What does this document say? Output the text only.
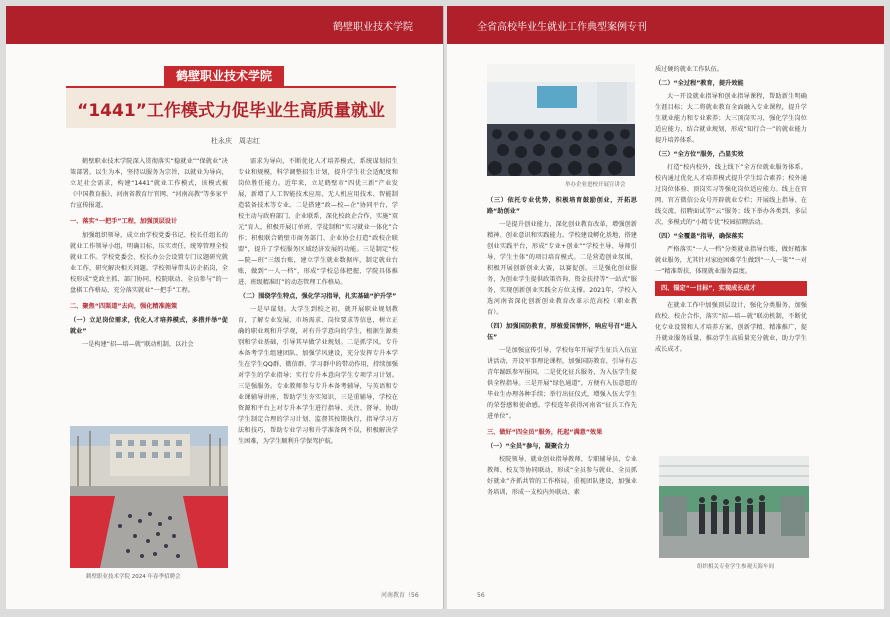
鹤壁职业技术学院
鹤壁职业技术学院
“1441”工作模式力促毕业生高质量就业
杜永庆　周志红

鹤壁职业技术学院深入贯彻落实“稳就业”“保就业”决策部署，以生为本，坚持以服务为宗旨，以就业为导向，立足社会需求，构建“1441”就业工作模式，该模式被《中国教育报》、河南省教育厅官网、“河南高教”等多家平台宣传报道。

一、落实“一把手”工程，加强顶层设计

加强组织领导，成立由学校党委书记、校长任组长的就业工作领导小组，明确目标，压实责任，统筹管理全校就业工作。学校党委会、校长办公会设置专门议题研究就业工作，研究解决相关问题。学校领导带头访企拓岗，全校形成“党政主抓、部门协同、校院联动、全员参与”的一盘棋工作格局，充分落实就业“一把手”工程。

二、聚焦“四渠道”去向，强化精准施策

（一）立足岗位需求，优化人才培养模式，多措并举“促就业”

一是构建“招—培—就”联动机制，以社会

鹤壁职业技术学院 2024 年春季招聘会

需求为导向，不断优化人才培养模式，系统谋划招生专业和规模，科学调整招生计划，提升学生社会适配度和岗位胜任能力。近年来，立足鹤壁市“四优三新”产业发展，新增了人工智能技术应用、无人机应用技术、智能制造装备技术等专业。二是搭建“政—校—企”协同平台，学校主动与政府部门、企业联系，深化校政企合作，实施“双元”育人，积极开展订单班、学徒制和“实习就业一体化”合作；积极联合鹤壁市商务部门、企业协会打造“政校企联盟”，提升了学校服务区域经济发展的功能。三是制定“校—院—班”三级台账，建立学生就业数据库，制定就业台账，做到“一人一档”，形成“学校总体把握、学院具体推进、班级精准盯”的动态管理工作格局。

（二）围绕学生特点，强化学习指导，扎实基础“护升学”

一是早谋划。大学生到校之初，就开展职业规划教育，了解专业发展、市场需求、岗位要求等信息，树立正确的职业观和升学观，对有升学意向的学生，根据生源类别和学业基础，引导其早做学业规划。二是抓学风。专升本备考学生组建团队、加强学风建设，充分发挥专升本学生在学生QQ群、微信群、学习群中的带动作用，持续加强对学生的学业指导；实行专升本意向学生专项学习计划。三是强服务。专业教师参与专升本备考辅导，与英语和专业课辅导讲座，帮助学生夯实知识，三是重辅导，学校在资源和平台上对专升本学生进行指导、关注、督导，协助学生制定合理的学习计划、监督其按期执行，指导学习方法和技巧，帮助专业学习和升学准备两不误，积极解决学生困难，为学生顺利升学保驾护航。

河南教育（56
全省高校毕业生就业工作典型案例专刊
举办企业进校开展宣讲会

（三）依托专业优势，积极培育鼓励创业，开拓思路“助创业”

一是提升创业能力，深化创业教育改革，增强创新精神、创业意识和实践能力。学校建设孵化基地，搭建创业实践平台，形成“专业+创业”“学校主导、导师引导、学生主体”的项目培育模式。二是营造创业氛围，积极开展创新创业大赛，以赛促创。三是强化创业服务，为创业学生提供政策咨询、资金扶持等“一站式”服务，实现创新创业实践全方位支撑。2021年，学校入选河南省深化创新创业教育改革示范高校（职业教育）。

（四）加强国防教育，厚植爱国情怀，响应号召“进入伍”

一是加强宣传引导，学校每年开展学生征兵入伍宣讲活动，开设军事理论课程，加强国防教育，引导有志青年踊跃参军报国。二是优化征兵服务，为入伍学生提供全程指导。三是开展“绿色通道”，方便有入伍意愿的毕业生办理各种手续；举行出征仪式，增强入伍大学生的荣誉感和使命感，学校连年获得河南省“征兵工作先进单位”。

三、做好“四全员”服务，托起“满意”效果

（一）“全员”参与，凝聚合力

校院领导、就业创业指导教师、专职辅导员、专业教师、校友等协同联动，形成“全员参与就业、全员抓好就业”齐抓共管的工作格局，重视团队建设，加强业务培训，形成一支校内外联动、素

质过硬的就业工作队伍。

（二）“全过程”教育，提升效能

大一开设就业指导和创业指导课程，帮助新生明确生涯目标；大二将就业教育全面融入专业课程，提升学生就业能力和专业素养；大三顶岗实习，强化学生岗位适应能力，结合就业规划，形成“知行合一”的就业能力提升培养体系。

（三）“全方位”服务，凸显实效

打造“校内校外，线上线下”全方位就业服务体系。校内通过优化人才培养模式提升学生综合素养；校外通过岗位体验、顶岗实习等强化岗位适应能力。线上在官网、官方微信公众号开辟就业专栏；开展线上指导、在线交流、招聘面试等“云”服务；线下举办各类到、多层次、多模式的“小精专优”校园招聘活动。

（四）“全覆盖”指导，确保落实

严格落实“一人一档”分类就业指导台账，做好精准就业服务，尤其针对家庭困难学生做到“一人一策”“一对一”精准帮扶，体现就业服务温度。

四、锚定“一目标”，实现成长成才

在就业工作中加强顶层设计，强化分类服务，加强政校、校企合作，落实“招—培—就”联动机制，不断优化专业设置和人才培养方案，创新学精、精准推广，提升就业服务质量，推动学生高质量充分就业，助力学生成长成才。

组织相关专业学生参观天海车间
56
